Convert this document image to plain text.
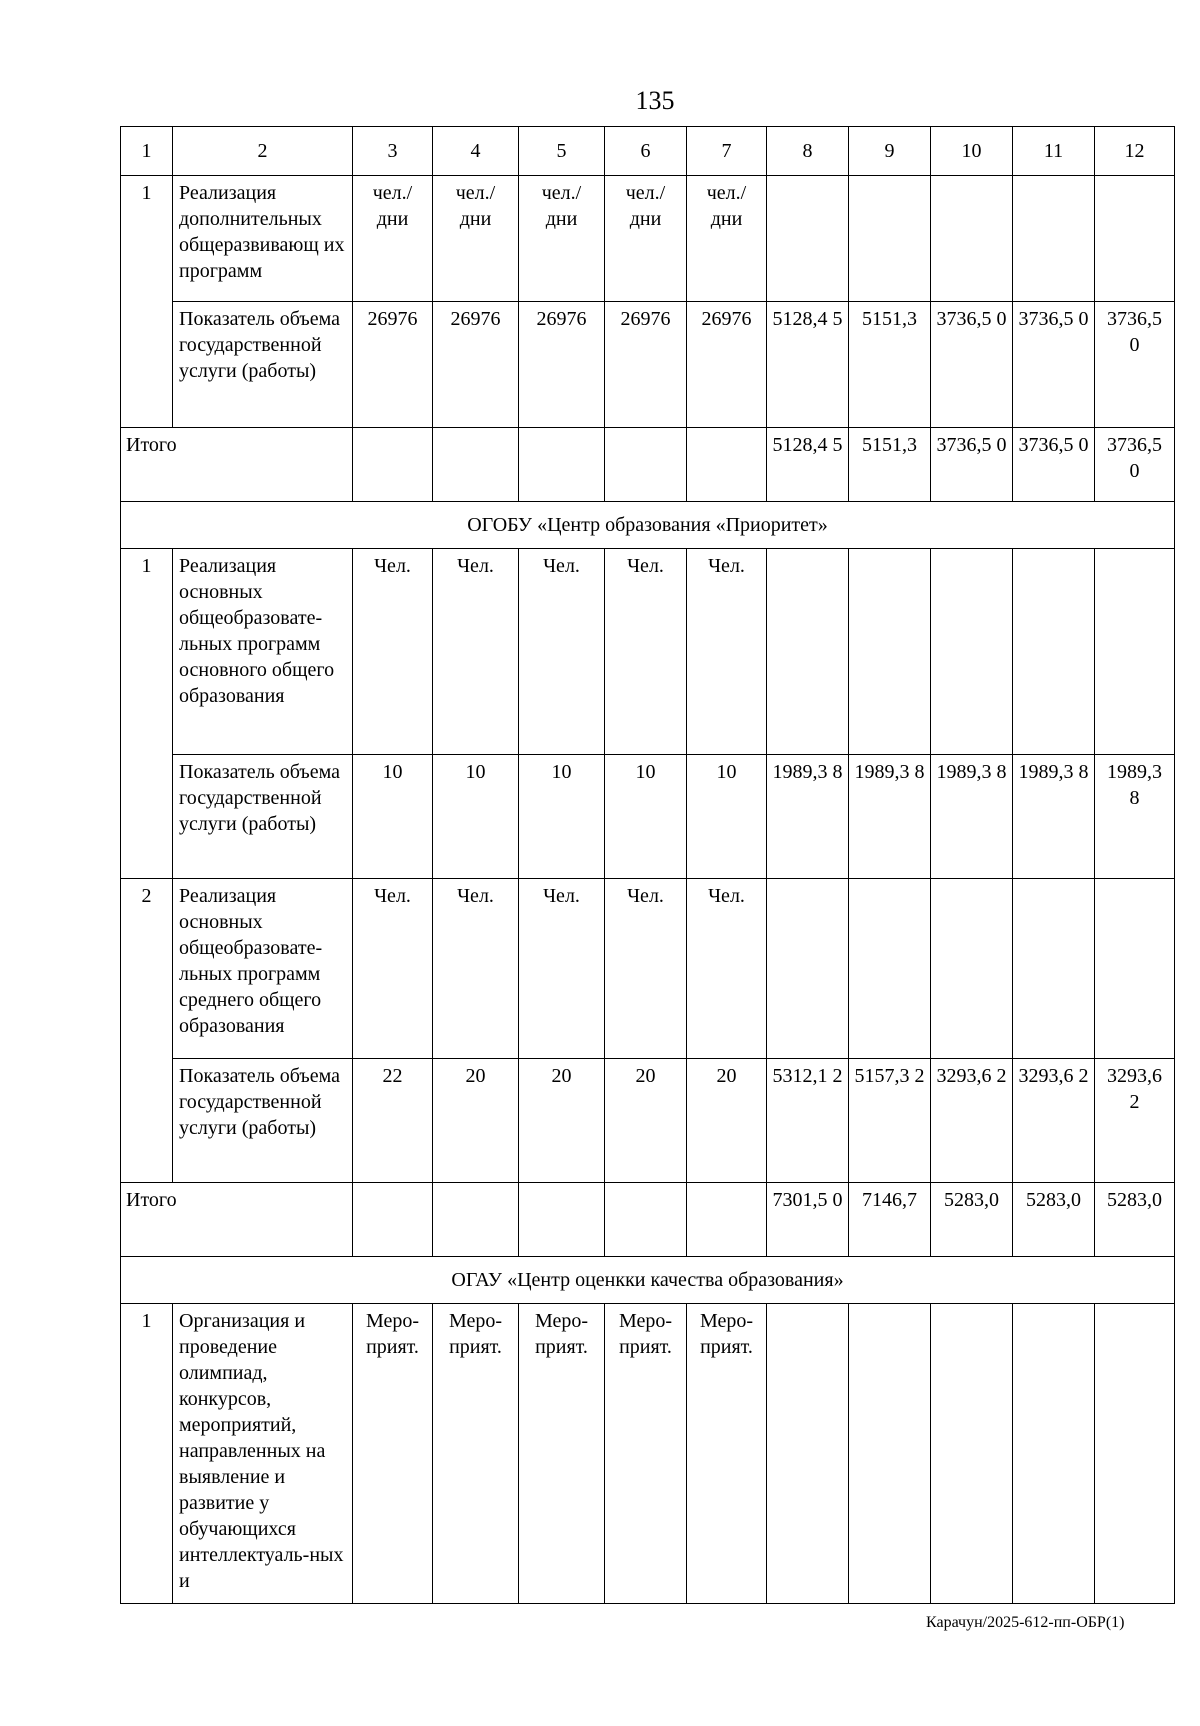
135
1	2	3	4	5	6	7	8	9	10	11	12
1	Реализация дополнительных общеразвивающ их программ	чел./ дни	чел./ дни	чел./ дни	чел./ дни	чел./ дни					
	Показатель объема государственной услуги (работы)	26976	26976	26976	26976	26976	5128,4 5	5151,3	3736,5 0	3736,5 0	3736,5 0
Итого							5128,4 5	5151,3	3736,5 0	3736,5 0	3736,5 0
ОГОБУ «Центр образования «Приоритет»											
1	Реализация основных общеобразовате-льных программ основного общего образования	Чел.	Чел.	Чел.	Чел.	Чел.					
	Показатель объема государственной услуги (работы)	10	10	10	10	10	1989,3 8	1989,3 8	1989,3 8	1989,3 8	1989,3 8
2	Реализация основных общеобразовате-льных программ среднего общего образования	Чел.	Чел.	Чел.	Чел.	Чел.					
	Показатель объема государственной услуги (работы)	22	20	20	20	20	5312,1 2	5157,3 2	3293,6 2	3293,6 2	3293,6 2
Итого							7301,5 0	7146,7	5283,0	5283,0	5283,0
ОГАУ «Центр оценкки качества образования»											
1	Организация и проведение олимпиад, конкурсов, мероприятий, направленных на выявление и развитие у обучающихся интеллектуаль-ных и	Меро-прият.	Меро-прият.	Меро-прият.	Меро-прият.	Меро-прият.					
Карачун/2025-612-пп-ОБР(1)
